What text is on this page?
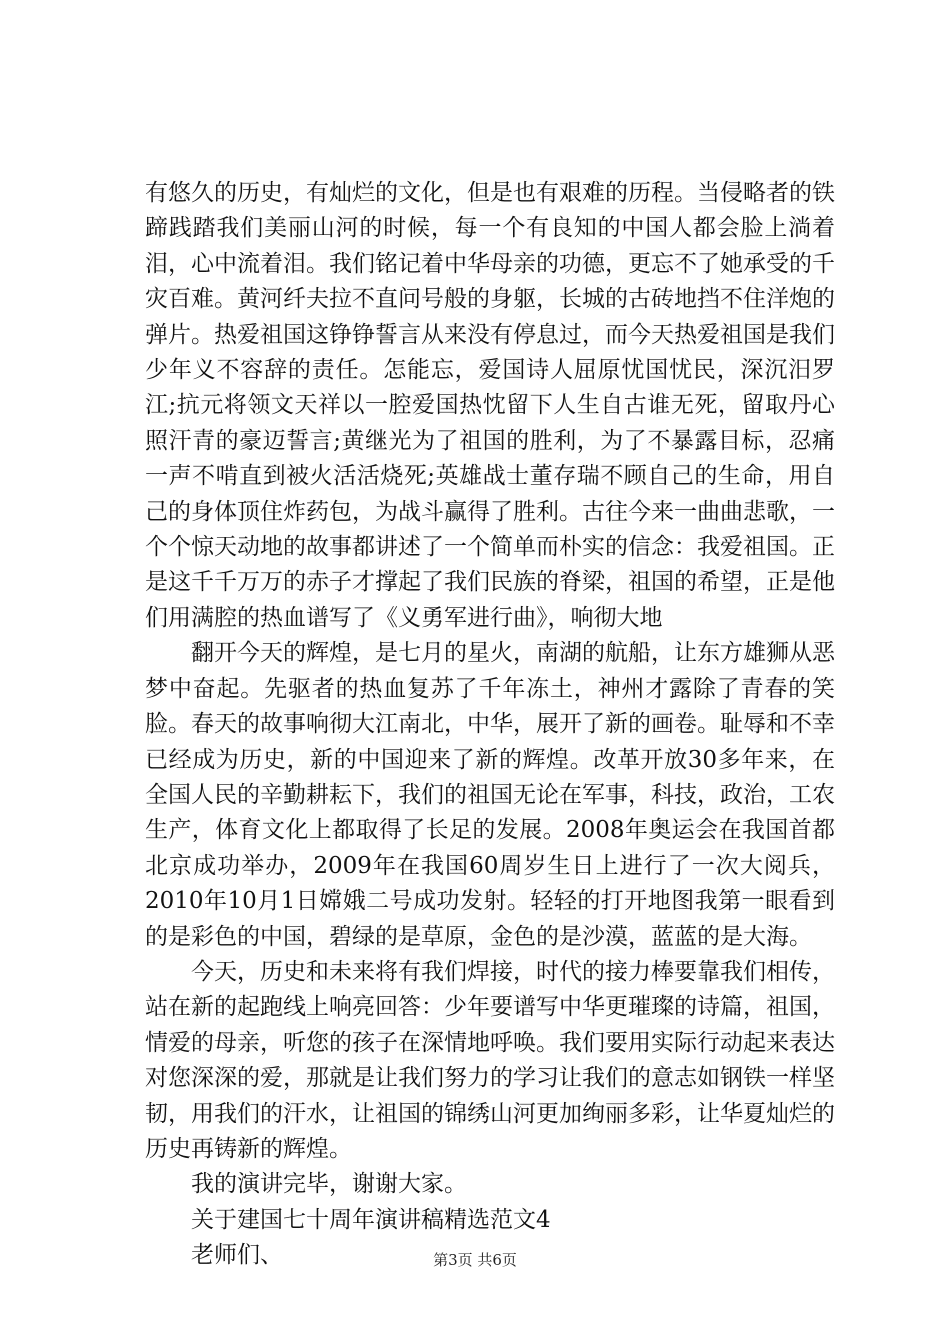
有悠久的历史，有灿烂的文化，但是也有艰难的历程。当侵略者的铁蹄践踏我们美丽山河的时候，每一个有良知的中国人都会脸上淌着泪，心中流着泪。我们铭记着中华母亲的功德，更忘不了她承受的千灾百难。黄河纤夫拉不直问号般的身躯，长城的古砖地挡不住洋炮的弹片。热爱祖国这铮铮誓言从来没有停息过，而今天热爱祖国是我们少年义不容辞的责任。怎能忘，爱国诗人屈原忧国忧民，深沉汨罗江;抗元将领文天祥以一腔爱国热忱留下人生自古谁无死，留取丹心照汗青的豪迈誓言;黄继光为了祖国的胜利，为了不暴露目标，忍痛一声不啃直到被火活活烧死;英雄战士董存瑞不顾自己的生命，用自己的身体顶住炸药包，为战斗赢得了胜利。古往今来一曲曲悲歌，一个个惊天动地的故事都讲述了一个简单而朴实的信念：我爱祖国。正是这千千万万的赤子才撑起了我们民族的脊梁，祖国的希望，正是他们用满腔的热血谱写了《义勇军进行曲》，响彻大地

翻开今天的辉煌，是七月的星火，南湖的航船，让东方雄狮从恶梦中奋起。先驱者的热血复苏了千年冻土，神州才露除了青春的笑脸。春天的故事响彻大江南北，中华，展开了新的画卷。耻辱和不幸已经成为历史，新的中国迎来了新的辉煌。改革开放30多年来，在全国人民的辛勤耕耘下，我们的祖国无论在军事，科技，政治，工农生产，体育文化上都取得了长足的发展。2008年奥运会在我国首都北京成功举办，2009年在我国60周岁生日上进行了一次大阅兵，2010年10月1日嫦娥二号成功发射。轻轻的打开地图我第一眼看到的是彩色的中国，碧绿的是草原，金色的是沙漠，蓝蓝的是大海。

今天，历史和未来将有我们焊接，时代的接力棒要靠我们相传，站在新的起跑线上响亮回答：少年要谱写中华更璀璨的诗篇，祖国，情爱的母亲，听您的孩子在深情地呼唤。我们要用实际行动起来表达对您深深的爱，那就是让我们努力的学习让我们的意志如钢铁一样坚韧，用我们的汗水，让祖国的锦绣山河更加绚丽多彩，让华夏灿烂的历史再铸新的辉煌。

我的演讲完毕，谢谢大家。

关于建国七十周年演讲稿精选范文4

老师们、	第3页 共6页
